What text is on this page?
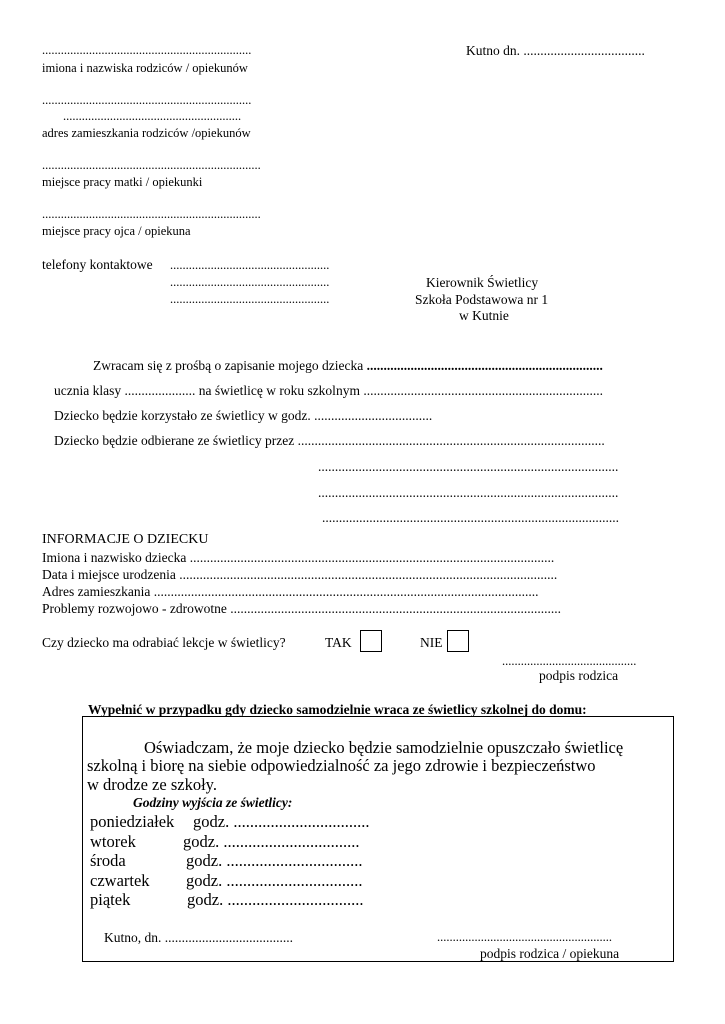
...................................................................
imiona i nazwiska rodziców / opiekunów
Kutno dn. ....................................
...................................................................
.........................................................
adres zamieszkania rodziców /opiekunów
......................................................................
miejsce pracy matki / opiekunki
......................................................................
miejsce pracy ojca / opiekuna
telefony kontaktowe ...................................................
...................................................
...................................................
Kierownik Świetlicy
Szkoła Podstawowa nr 1
w Kutnie
Zwracam się z prośbą o zapisanie mojego dziecka ......................................................................
ucznia klasy ..................... na świetlicę w roku szkolnym .......................................................................
Dziecko będzie korzystało ze świetlicy w godz. ...................................
Dziecko będzie odbierane ze świetlicy przez ...........................................................................................
.........................................................................................
.........................................................................................
........................................................................................
INFORMACJE O DZIECKU
Imiona i nazwisko dziecka ............................................................................................................
Data i miejsce urodzenia ................................................................................................................
Adres zamieszkania ..................................................................................................................
Problemy rozwojowo - zdrowotne ..................................................................................................
Czy dziecko ma odrabiać lekcje w świetlicy?	TAK	NIE
...........................................
podpis rodzica
Wypełnić w przypadku gdy dziecko samodzielnie wraca ze świetlicy szkolnej do domu:
Oświadczam, że moje dziecko będzie samodzielnie opuszczało świetlicę
szkolną i biorę na siebie odpowiedzialność za jego zdrowie i bezpieczeństwo
w drodze ze szkoły.
Godziny wyjścia ze świetlicy:
poniedziałek godz. .................................
wtorek	godz. .................................
środa	godz. .................................
czwartek godz. .................................
piątek	godz. .................................
Kutno, dn. ......................................	........................................................
podpis rodzica / opiekuna
